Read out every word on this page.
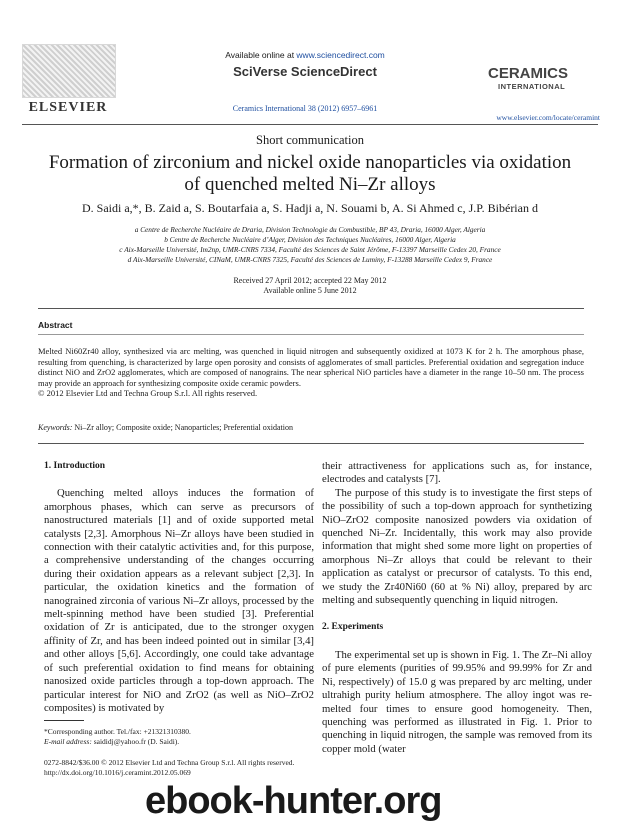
ELSEVIER
Available online at www.sciencedirect.com
SciVerse ScienceDirect
Ceramics International 38 (2012) 6957–6961
CERAMICS
INTERNATIONAL
www.elsevier.com/locate/ceramint
Short communication
Formation of zirconium and nickel oxide nanoparticles via oxidation of quenched melted Ni–Zr alloys
D. Saidi a,*, B. Zaid a, S. Boutarfaia a, S. Hadji a, N. Souami b, A. Si Ahmed c, J.P. Bibérian d
a Centre de Recherche Nucléaire de Draria, Division Technologie du Combustible, BP 43, Draria, 16000 Alger, Algeria
b Centre de Recherche Nucléaire d’Alger, Division des Techniques Nucléaires, 16000 Alger, Algeria
c Aix-Marseille Université, Im2np, UMR-CNRS 7334, Faculté des Sciences de Saint Jérôme, F-13397 Marseille Cedex 20, France
d Aix-Marseille Université, CINaM, UMR-CNRS 7325, Faculté des Sciences de Luminy, F-13288 Marseille Cedex 9, France
Received 27 April 2012; accepted 22 May 2012
Available online 5 June 2012
Abstract
Melted Ni60Zr40 alloy, synthesized via arc melting, was quenched in liquid nitrogen and subsequently oxidized at 1073 K for 2 h. The amorphous phase, resulting from quenching, is characterized by large open porosity and consists of agglomerates of small particles. Preferential oxidation and segregation induce distinct NiO and ZrO2 agglomerates, which are composed of nanograins. The near spherical NiO particles have a diameter in the range 10–50 nm. The process may provide an approach for synthesizing composite oxide ceramic powders.
© 2012 Elsevier Ltd and Techna Group S.r.l. All rights reserved.
Keywords: Ni–Zr alloy; Composite oxide; Nanoparticles; Preferential oxidation
1. Introduction

Quenching melted alloys induces the formation of amorphous phases, which can serve as precursors of nanostructured materials [1] and of oxide supported metal catalysts [2,3]. Amorphous Ni–Zr alloys have been studied in connection with their catalytic activities and, for this purpose, a comprehensive understanding of the changes occurring during their oxidation appears as a relevant subject [2,3]. In particular, the oxidation kinetics and the formation of nanograined zirconia of various Ni–Zr alloys, processed by the melt-spinning method have been studied [3]. Preferential oxidation of Zr is anticipated, due to the stronger oxygen affinity of Zr, and has been indeed pointed out in similar [3,4] and other alloys [5,6]. Accordingly, one could take advantage of such preferential oxidation to find means for obtaining nanosized oxide particles through a top-down approach. The particular interest for NiO and ZrO2 (as well as NiO–ZrO2 composites) is motivated by

their attractiveness for applications such as, for instance, electrodes and catalysts [7].

The purpose of this study is to investigate the first steps of the possibility of such a top-down approach for synthetizing NiO–ZrO2 composite nanosized powders via oxidation of quenched Ni–Zr. Incidentally, this work may also provide information that might shed some more light on properties of amorphous Ni–Zr alloys that could be relevant to their application as catalyst or precursor of catalysts. To this end, we study the Zr40Ni60 (60 at % Ni) alloy, prepared by arc melting and subsequently quenching in liquid nitrogen.

2. Experiments

The experimental set up is shown in Fig. 1. The Zr–Ni alloy of pure elements (purities of 99.95% and 99.99% for Zr and Ni, respectively) of 15.0 g was prepared by arc melting, under ultrahigh purity helium atmosphere. The alloy ingot was re-melted four times to ensure good homogeneity. Then, quenching was performed as illustrated in Fig. 1. Prior to quenching in liquid nitrogen, the sample was removed from its copper mold (water

*Corresponding author. Tel./fax: +21321310380.
E-mail address: saididj@yahoo.fr (D. Saidi).
0272-8842/$36.00 © 2012 Elsevier Ltd and Techna Group S.r.l. All rights reserved.
http://dx.doi.org/10.1016/j.ceramint.2012.05.069
ebook-hunter.org
